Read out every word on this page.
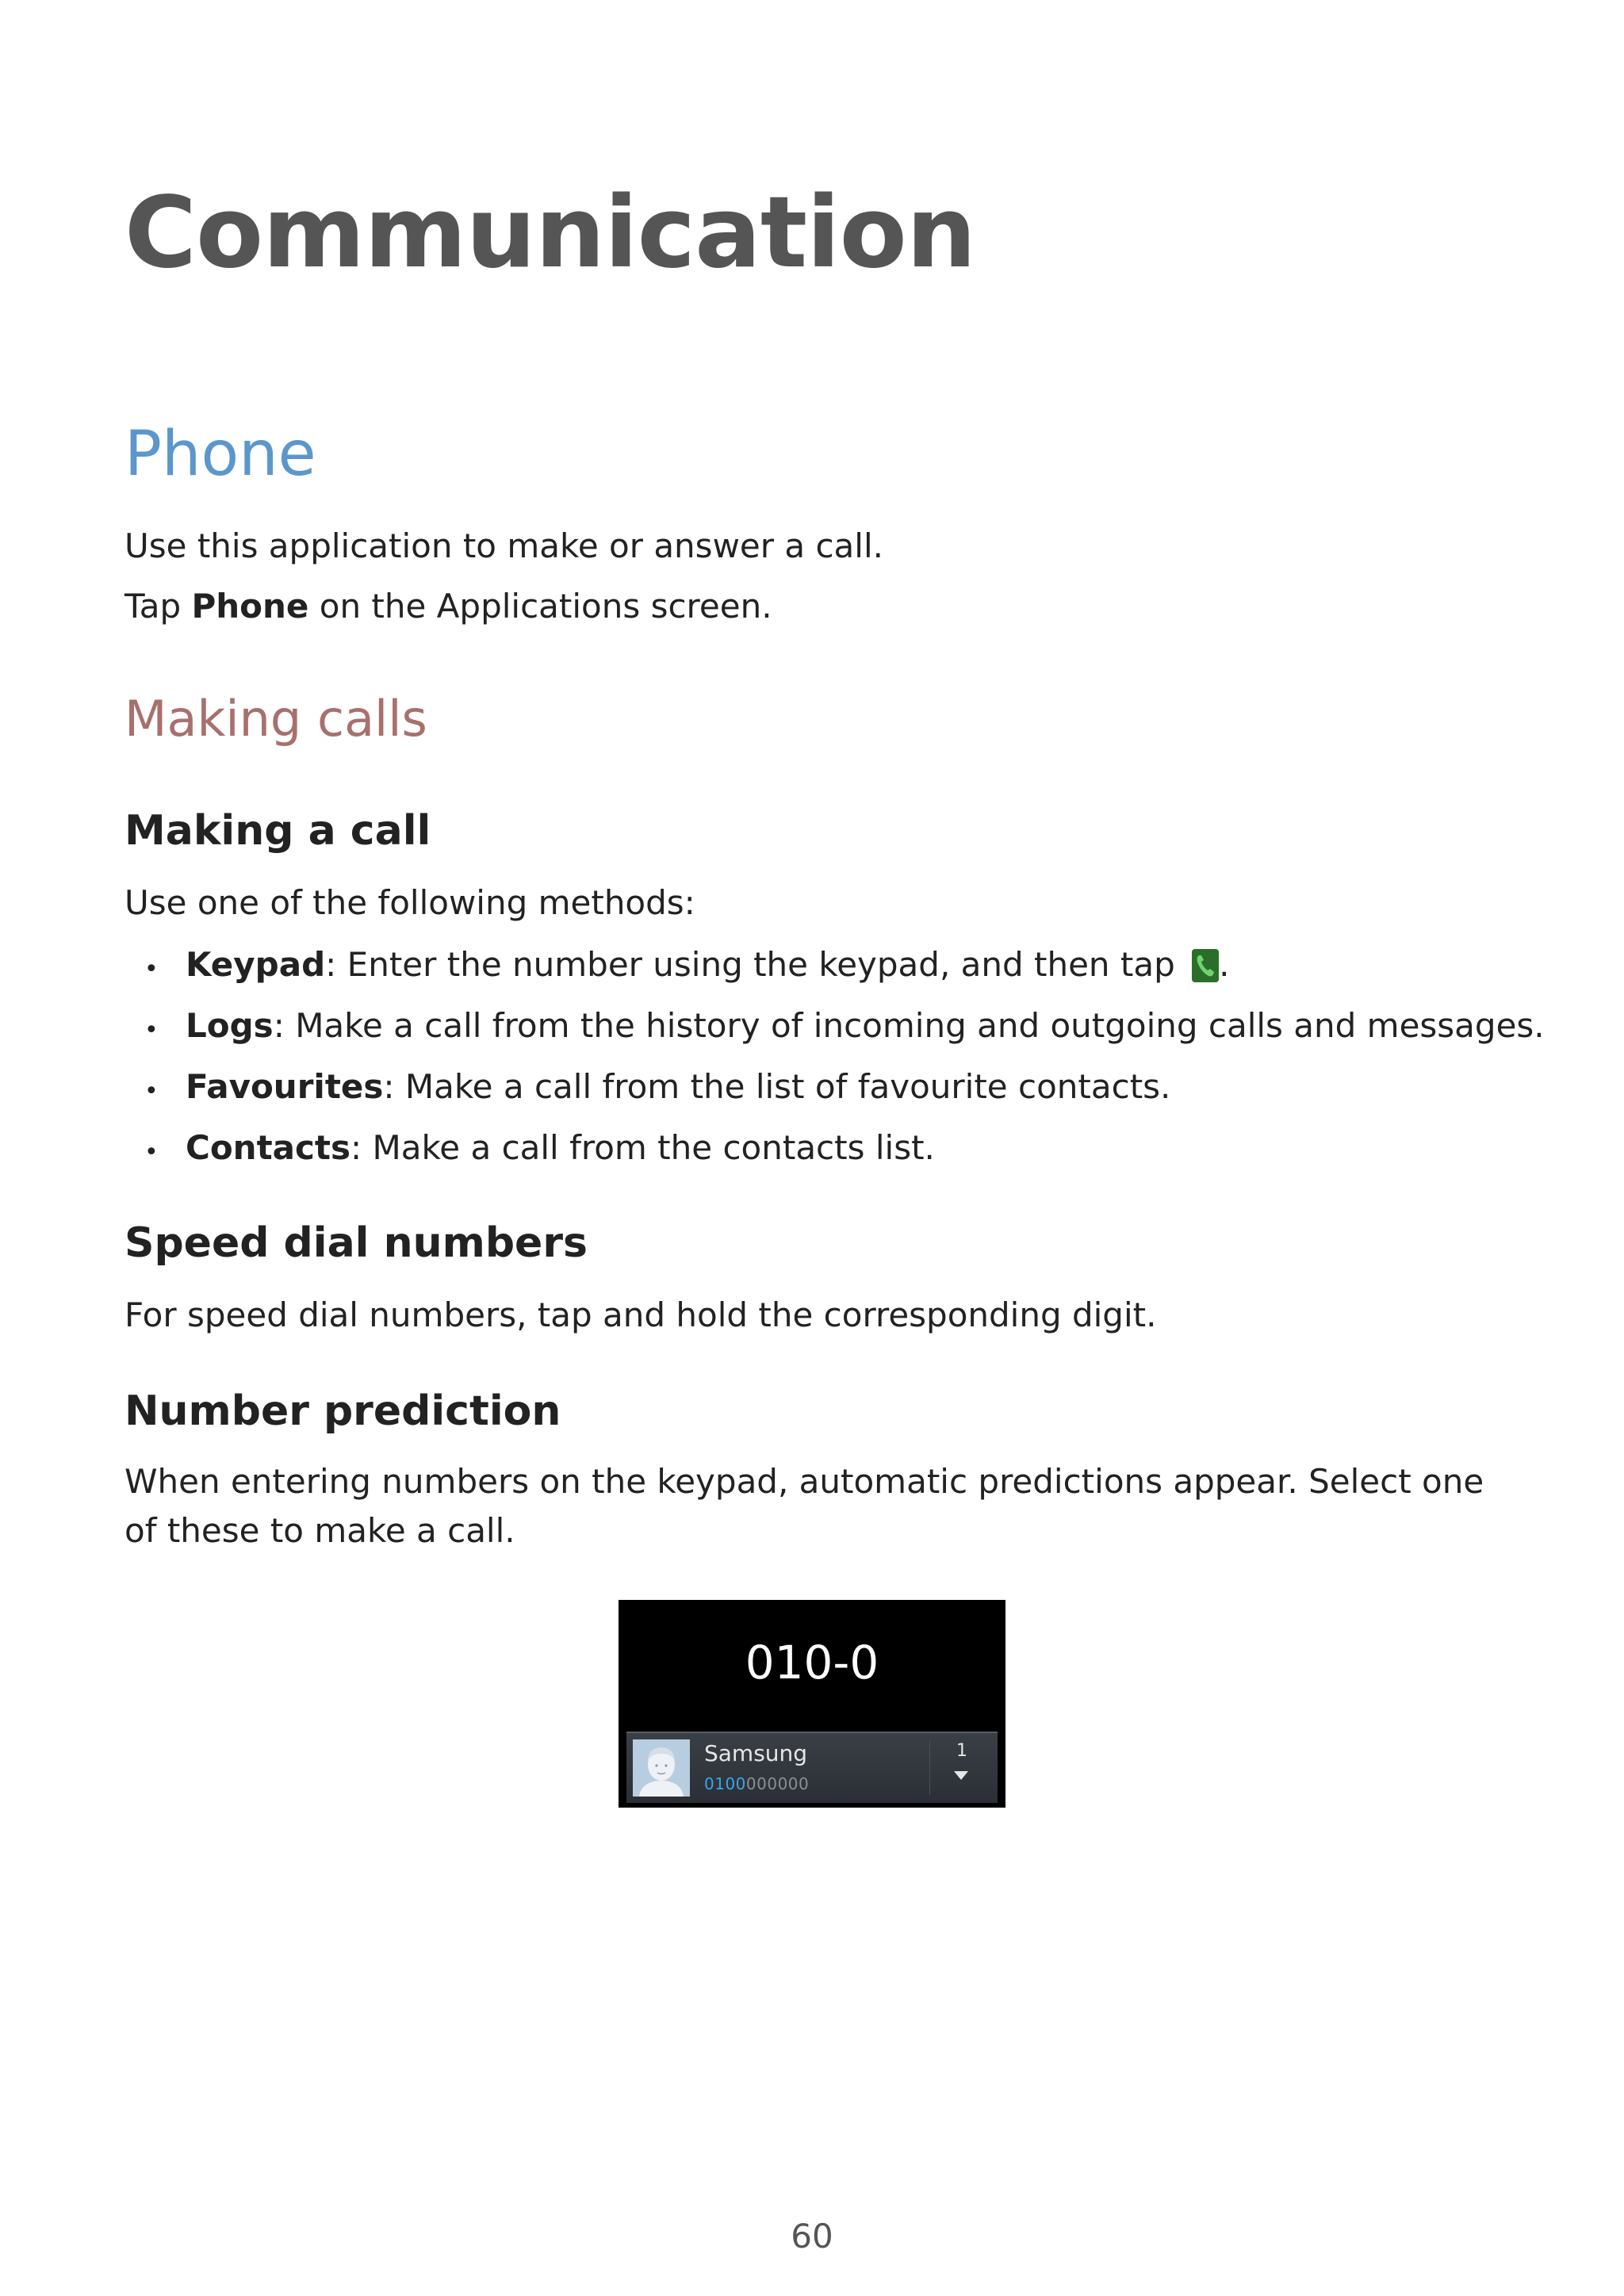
Communication
Phone

Use this application to make or answer a call.

Tap Phone on the Applications screen.

Making calls
Making a call

Use one of the following methods:

• Keypad: Enter the number using the keypad, and then tap
.

• Logs: Make a call from the history of incoming and outgoing calls and messages.

• Favourites: Make a call from the list of favourite contacts.

• Contacts: Make a call from the contacts list.

Speed dial numbers

For speed dial numbers, tap and hold the corresponding digit.

Number prediction

When entering numbers on the keypad, automatic predictions appear. Select one of these to make a call.

010-0
Samsung
0100000000
1
60
